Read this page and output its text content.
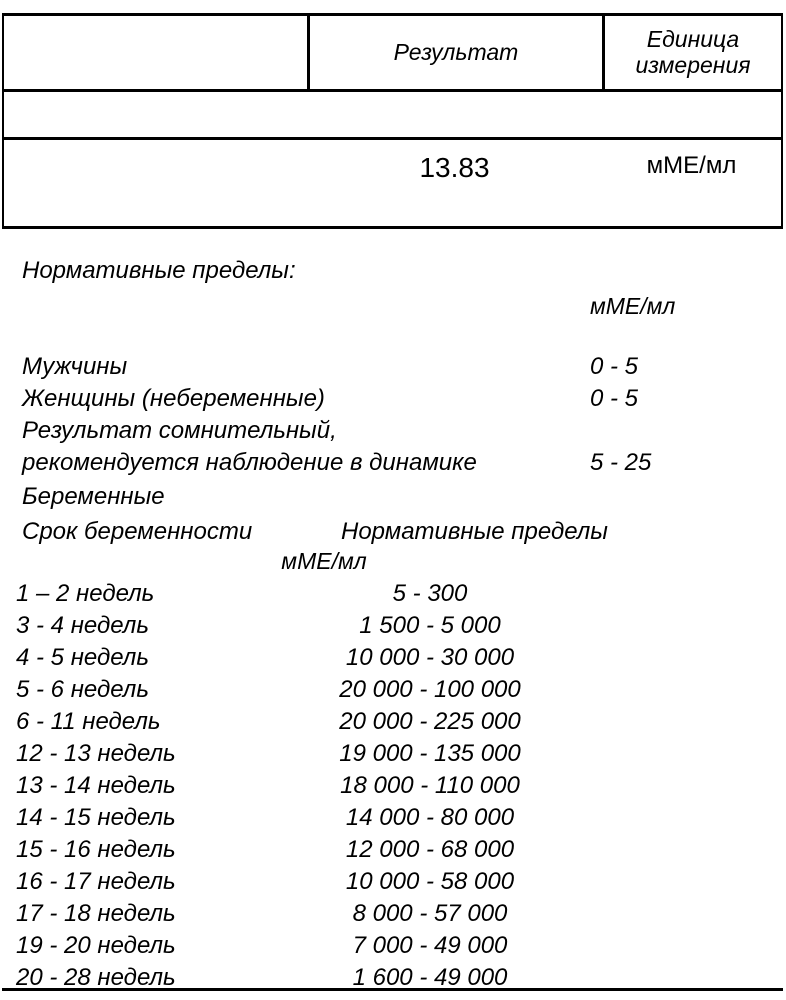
Результат	Единица
измерения
13.83	мМЕ/мл
Нормативные пределы:
мМЕ/мл
Мужчины	0 - 5
Женщины (небеременные)	0 - 5
Результат сомнительный,
рекомендуется наблюдение в динамике	5 - 25
Беременные
Срок беременности	Нормативные пределы
мМЕ/мл
1 – 2 недель	5 - 300
3 - 4 недель	1 500 - 5 000
4 - 5 недель	10 000 - 30 000
5 - 6 недель	20 000 - 100 000
6 - 11 недель	20 000 - 225 000
12 - 13 недель	19 000 - 135 000
13 - 14 недель	18 000 - 110 000
14 - 15 недель	14 000 - 80 000
15 - 16 недель	12 000 - 68 000
16 - 17 недель	10 000 - 58 000
17 - 18 недель	8 000 - 57 000
19 - 20 недель	7 000 - 49 000
20 - 28 недель	1 600 - 49 000
